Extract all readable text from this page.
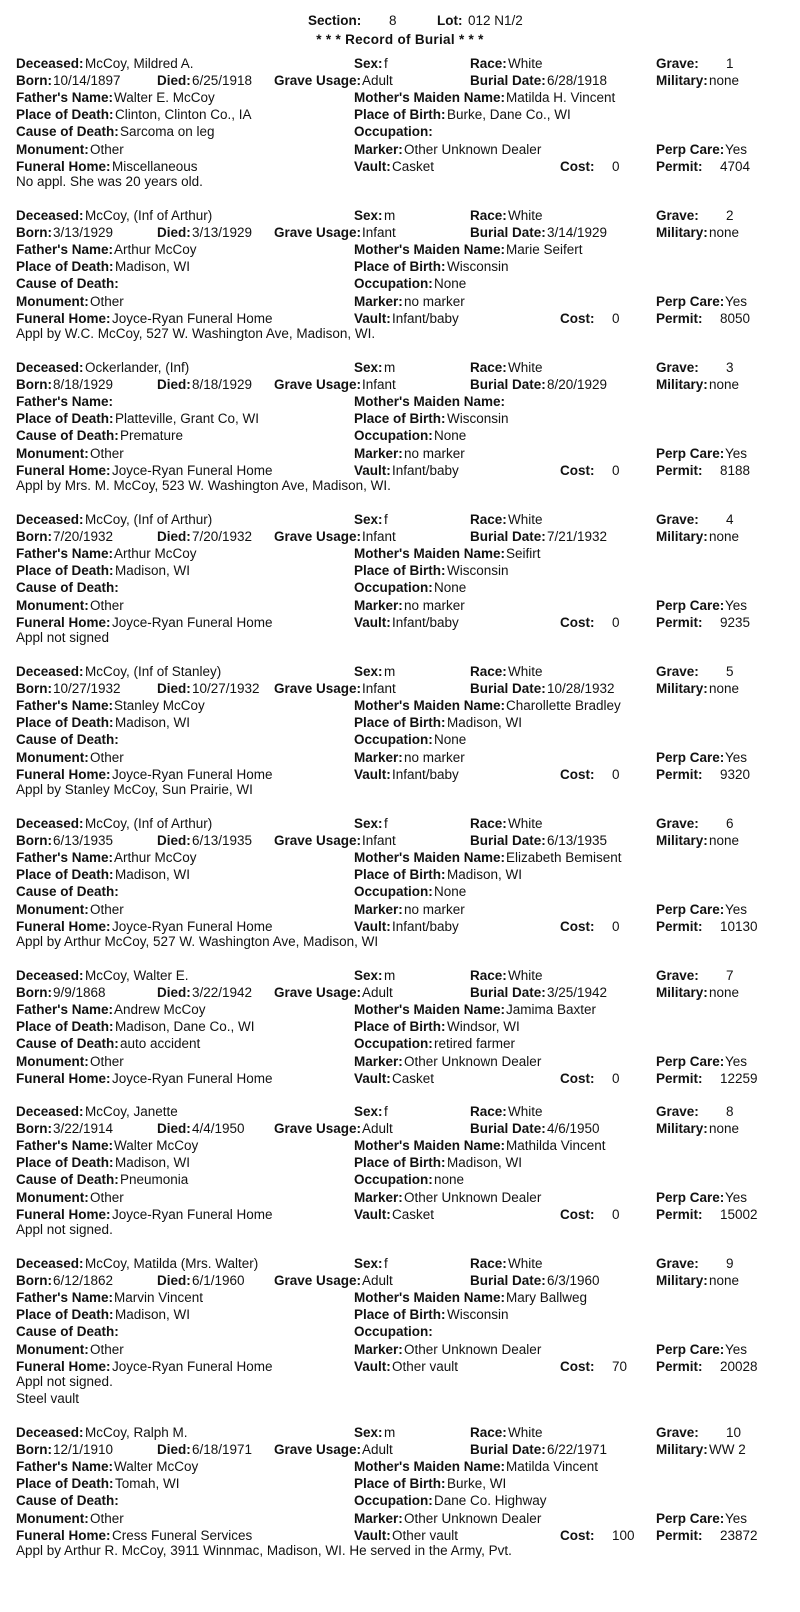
Section: 8	Lot: 012 N1/2
* * * Record of Burial * * *
Deceased: McCoy, Mildred A.	Sex: f	Race: White	Grave: 1
Born: 10/14/1897	Died: 6/25/1918 Grave Usage: Adult	Burial Date: 6/28/1918	Military: none
Father's Name: Walter E. McCoy	Mother's Maiden Name: Matilda H. Vincent
Place of Death: Clinton, Clinton Co., IA	Place of Birth: Burke, Dane Co., WI
Cause of Death: Sarcoma on leg	Occupation:
Monument: Other	Marker: Other Unknown Dealer	Perp Care: Yes
Funeral Home: Miscellaneous	Vault: Casket	Cost: 0	Permit: 4704
No appl. She was 20 years old.
Deceased: McCoy, (Inf of Arthur)	Sex: m	Race: White	Grave: 2
Born: 3/13/1929	Died: 3/13/1929 Grave Usage: Infant	Burial Date: 3/14/1929	Military: none
Father's Name: Arthur McCoy	Mother's Maiden Name: Marie Seifert
Place of Death: Madison, WI	Place of Birth: Wisconsin
Cause of Death:	Occupation: None
Monument: Other	Marker: no marker	Perp Care: Yes
Funeral Home: Joyce-Ryan Funeral Home	Vault: Infant/baby	Cost: 0	Permit: 8050
Appl by W.C. McCoy, 527 W. Washington Ave, Madison, WI.
Deceased: Ockerlander, (Inf)	Sex: m	Race: White	Grave: 3
Born: 8/18/1929	Died: 8/18/1929 Grave Usage: Infant	Burial Date: 8/20/1929	Military: none
Father's Name:	Mother's Maiden Name:
Place of Death: Platteville, Grant Co, WI	Place of Birth: Wisconsin
Cause of Death: Premature	Occupation: None
Monument: Other	Marker: no marker	Perp Care: Yes
Funeral Home: Joyce-Ryan Funeral Home	Vault: Infant/baby	Cost: 0	Permit: 8188
Appl by Mrs. M. McCoy, 523 W. Washington Ave, Madison, WI.
Deceased: McCoy, (Inf of Arthur)	Sex: f	Race: White	Grave: 4
Born: 7/20/1932	Died: 7/20/1932 Grave Usage: Infant	Burial Date: 7/21/1932	Military: none
Father's Name: Arthur McCoy	Mother's Maiden Name: Seifirt
Place of Death: Madison, WI	Place of Birth: Wisconsin
Cause of Death:	Occupation: None
Monument: Other	Marker: no marker	Perp Care: Yes
Funeral Home: Joyce-Ryan Funeral Home	Vault: Infant/baby	Cost: 0	Permit: 9235
Appl not signed
Deceased: McCoy, (Inf of Stanley)	Sex: m	Race: White	Grave: 5
Born: 10/27/1932	Died: 10/27/1932 Grave Usage: Infant	Burial Date: 10/28/1932	Military: none
Father's Name: Stanley McCoy	Mother's Maiden Name: Charollette Bradley
Place of Death: Madison, WI	Place of Birth: Madison, WI
Cause of Death:	Occupation: None
Monument: Other	Marker: no marker	Perp Care: Yes
Funeral Home: Joyce-Ryan Funeral Home	Vault: Infant/baby	Cost: 0	Permit: 9320
Appl by Stanley McCoy, Sun Prairie, WI
Deceased: McCoy, (Inf of Arthur)	Sex: f	Race: White	Grave: 6
Born: 6/13/1935	Died: 6/13/1935 Grave Usage: Infant	Burial Date: 6/13/1935	Military: none
Father's Name: Arthur McCoy	Mother's Maiden Name: Elizabeth Bemisent
Place of Death: Madison, WI	Place of Birth: Madison, WI
Cause of Death:	Occupation: None
Monument: Other	Marker: no marker	Perp Care: Yes
Funeral Home: Joyce-Ryan Funeral Home	Vault: Infant/baby	Cost: 0	Permit: 10130
Appl by Arthur McCoy, 527 W. Washington Ave, Madison, WI
Deceased: McCoy, Walter E.	Sex: m	Race: White	Grave: 7
Born: 9/9/1868	Died: 3/22/1942 Grave Usage: Adult	Burial Date: 3/25/1942	Military: none
Father's Name: Andrew McCoy	Mother's Maiden Name: Jamima Baxter
Place of Death: Madison, Dane Co., WI	Place of Birth: Windsor, WI
Cause of Death: auto accident	Occupation: retired farmer
Monument: Other	Marker: Other Unknown Dealer	Perp Care: Yes
Funeral Home: Joyce-Ryan Funeral Home	Vault: Casket	Cost: 0	Permit: 12259
Deceased: McCoy, Janette	Sex: f	Race: White	Grave: 8
Born: 3/22/1914	Died: 4/4/1950 Grave Usage: Adult	Burial Date: 4/6/1950	Military: none
Father's Name: Walter McCoy	Mother's Maiden Name: Mathilda Vincent
Place of Death: Madison, WI	Place of Birth: Madison, WI
Cause of Death: Pneumonia	Occupation: none
Monument: Other	Marker: Other Unknown Dealer	Perp Care: Yes
Funeral Home: Joyce-Ryan Funeral Home	Vault: Casket	Cost: 0	Permit: 15002
Appl not signed.
Deceased: McCoy, Matilda (Mrs. Walter)	Sex: f	Race: White	Grave: 9
Born: 6/12/1862	Died: 6/1/1960 Grave Usage: Adult	Burial Date: 6/3/1960	Military: none
Father's Name: Marvin Vincent	Mother's Maiden Name: Mary Ballweg
Place of Death: Madison, WI	Place of Birth: Wisconsin
Cause of Death:	Occupation:
Monument: Other	Marker: Other Unknown Dealer	Perp Care: Yes
Funeral Home: Joyce-Ryan Funeral Home	Vault: Other vault	Cost: 70 Permit: 20028
Appl not signed.
Steel vault
Deceased: McCoy, Ralph M.	Sex: m	Race: White	Grave: 10
Born: 12/1/1910	Died: 6/18/1971 Grave Usage: Adult	Burial Date: 6/22/1971	Military: WW 2
Father's Name: Walter McCoy	Mother's Maiden Name: Matilda Vincent
Place of Death: Tomah, WI	Place of Birth: Burke, WI
Cause of Death:	Occupation: Dane Co. Highway
Monument: Other	Marker: Other Unknown Dealer	Perp Care: Yes
Funeral Home: Cress Funeral Services	Vault: Other vault	Cost: 100 Permit: 23872
Appl by Arthur R. McCoy, 3911 Winnmac, Madison, WI. He served in the Army, Pvt.
